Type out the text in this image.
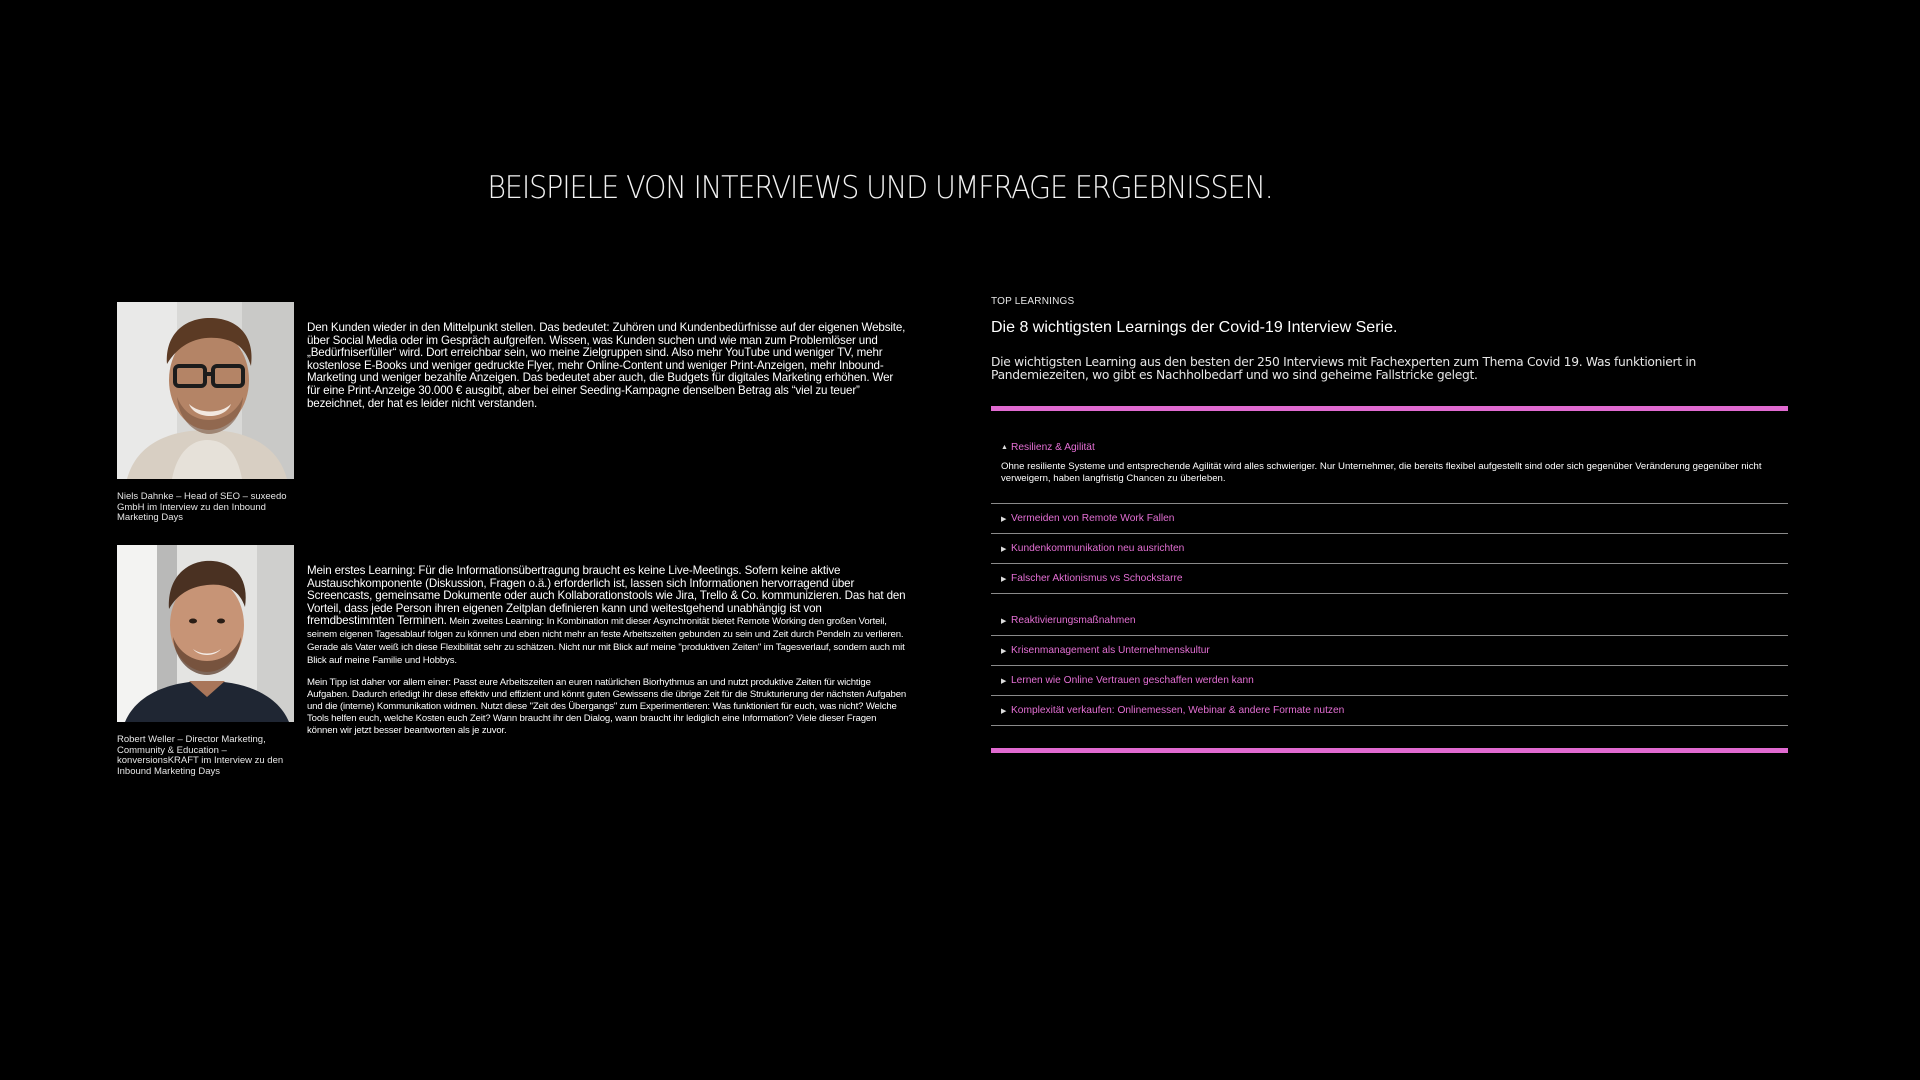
BEISPIELE VON INTERVIEWS UND UMFRAGE ERGEBNISSEN.
Niels Dahnke – Head of SEO – suxeedo GmbH im Interview zu den Inbound Marketing Days

Den Kunden wieder in den Mittelpunkt stellen. Das bedeutet: Zuhören und Kundenbedürfnisse auf der eigenen Website, über Social Media oder im Gespräch aufgreifen. Wissen, was Kunden suchen und wie man zum Problemlöser und „Bedürfniserfüller“ wird. Dort erreichbar sein, wo meine Zielgruppen sind. Also mehr YouTube und weniger TV, mehr kostenlose E-Books und weniger gedruckte Flyer, mehr Online-Content und weniger Print-Anzeigen, mehr Inbound-Marketing und weniger bezahlte Anzeigen. Das bedeutet aber auch, die Budgets für digitales Marketing erhöhen. Wer für eine Print-Anzeige 30.000 € ausgibt, aber bei einer Seeding-Kampagne denselben Betrag als “viel zu teuer” bezeichnet, der hat es leider nicht verstanden.

Robert Weller – Director Marketing, Community & Education – konversionsKRAFT im Interview zu den Inbound Marketing Days

Mein erstes Learning: Für die Informationsübertragung braucht es keine Live-Meetings. Sofern keine aktive Austauschkomponente (Diskussion, Fragen o.ä.) erforderlich ist, lassen sich Informationen hervorragend über Screencasts, gemeinsame Dokumente oder auch Kollaborationstools wie Jira, Trello & Co. kommunizieren. Das hat den Vorteil, dass jede Person ihren eigenen Zeitplan definieren kann und weitestgehend unabhängig ist von fremdbestimmten Terminen. Mein zweites Learning: In Kombination mit dieser Asynchronität bietet Remote Working den großen Vorteil, seinem eigenen Tagesablauf folgen zu können und eben nicht mehr an feste Arbeitszeiten gebunden zu sein und Zeit durch Pendeln zu verlieren. Gerade als Vater weiß ich diese Flexibilität sehr zu schätzen. Nicht nur mit Blick auf meine "produktiven Zeiten" im Tagesverlauf, sondern auch mit Blick auf meine Familie und Hobbys.

Mein Tipp ist daher vor allem einer: Passt eure Arbeitszeiten an euren natürlichen Biorhythmus an und nutzt produktive Zeiten für wichtige Aufgaben. Dadurch erledigt ihr diese effektiv und effizient und könnt guten Gewissens die übrige Zeit für die Strukturierung der nächsten Aufgaben und die (interne) Kommunikation widmen. Nutzt diese "Zeit des Übergangs" zum Experimentieren: Was funktioniert für euch, was nicht? Welche Tools helfen euch, welche Kosten euch Zeit? Wann braucht ihr den Dialog, wann braucht ihr lediglich eine Information? Viele dieser Fragen können wir jetzt besser beantworten als je zuvor.

TOP LEARNINGS
Die 8 wichtigsten Learnings der Covid-19 Interview Serie.
Die wichtigsten Learning aus den besten der 250 Interviews mit Fachexperten zum Thema Covid 19. Was funktioniert in Pandemiezeiten, wo gibt es Nachholbedarf und wo sind geheime Fallstricke gelegt.
▲ Resilienz & Agilität
Ohne resiliente Systeme und entsprechende Agilität wird alles schwieriger. Nur Unternehmer, die bereits flexibel aufgestellt sind oder sich gegenüber Veränderung gegenüber nicht verweigern, haben langfristig Chancen zu überleben.
▶ Vermeiden von Remote Work Fallen
▶ Kundenkommunikation neu ausrichten
▶ Falscher Aktionismus vs Schockstarre
▶ Reaktivierungsmaßnahmen
▶ Krisenmanagement als Unternehmenskultur
▶ Lernen wie Online Vertrauen geschaffen werden kann
▶ Komplexität verkaufen: Onlinemessen, Webinar & andere Formate nutzen
